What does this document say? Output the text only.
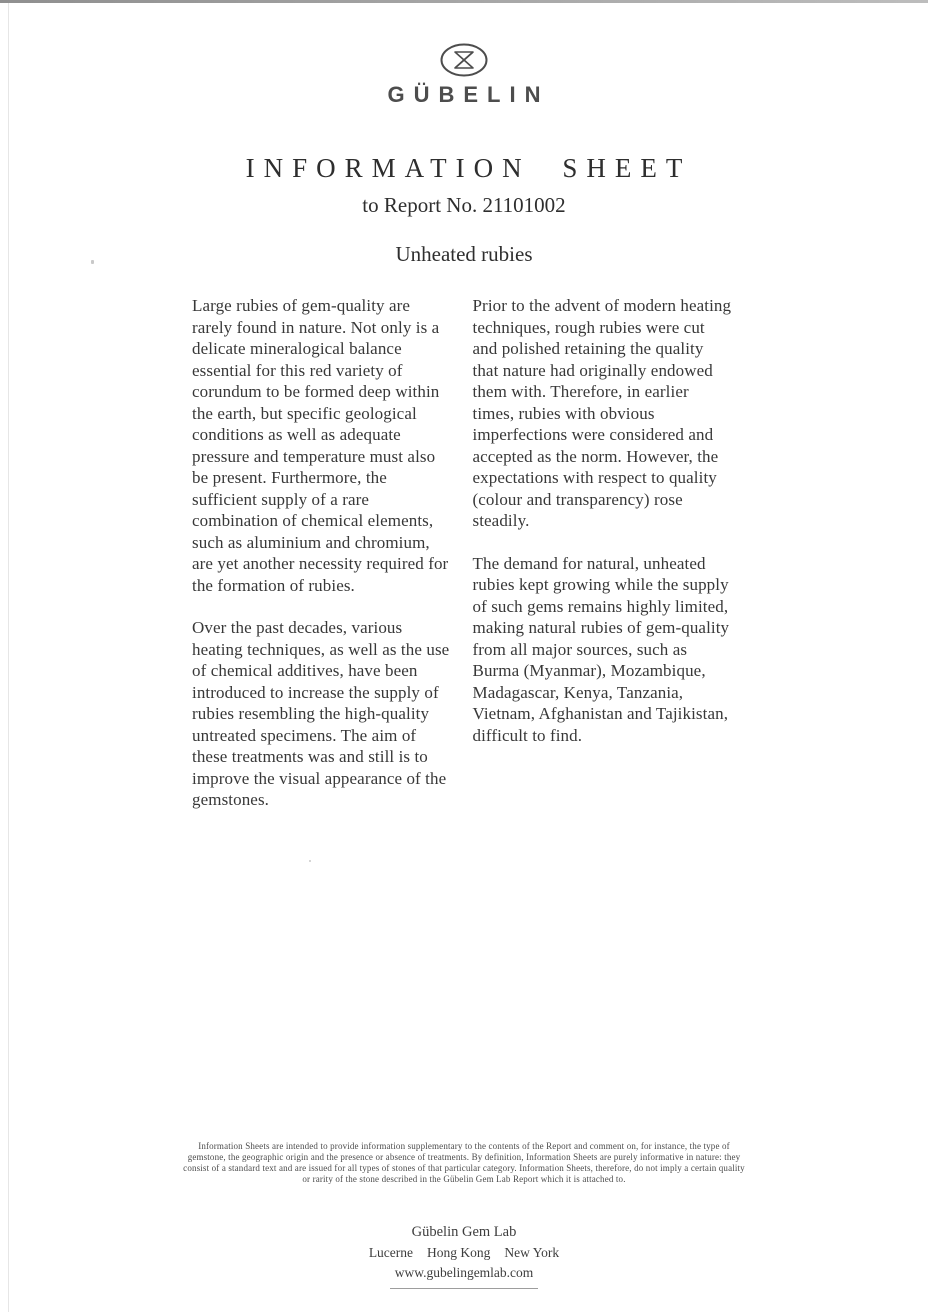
GÜBELIN
INFORMATION SHEET
to Report No. 21101002
Unheated rubies

Large rubies of gem-quality are rarely found in nature. Not only is a delicate mineralogical balance essential for this red variety of corundum to be formed deep within the earth, but specific geological conditions as well as adequate pressure and temperature must also be present. Furthermore, the sufficient supply of a rare combination of chemical elements, such as aluminium and chromium, are yet another necessity required for the formation of rubies.

Over the past decades, various heating techniques, as well as the use of chemical additives, have been introduced to increase the supply of rubies resembling the high-quality untreated specimens. The aim of these treatments was and still is to improve the visual appearance of the gemstones.

Prior to the advent of modern heating techniques, rough rubies were cut and polished retaining the quality that nature had originally endowed them with. Therefore, in earlier times, rubies with obvious imperfections were considered and accepted as the norm. However, the expectations with respect to quality (colour and transparency) rose steadily.

The demand for natural, unheated rubies kept growing while the supply of such gems remains highly limited, making natural rubies of gem-quality from all major sources, such as Burma (Myanmar), Mozambique, Madagascar, Kenya, Tanzania, Vietnam, Afghanistan and Tajikistan, difficult to find.

Information Sheets are intended to provide information supplementary to the contents of the Report and comment on, for instance, the type of gemstone, the geographic origin and the presence or absence of treatments. By definition, Information Sheets are purely informative in nature: they consist of a standard text and are issued for all types of stones of that particular category. Information Sheets, therefore, do not imply a certain quality or rarity of the stone described in the Gübelin Gem Lab Report which it is attached to.
Gübelin Gem Lab
Lucerne Hong Kong New York
www.gubelingemlab.com
